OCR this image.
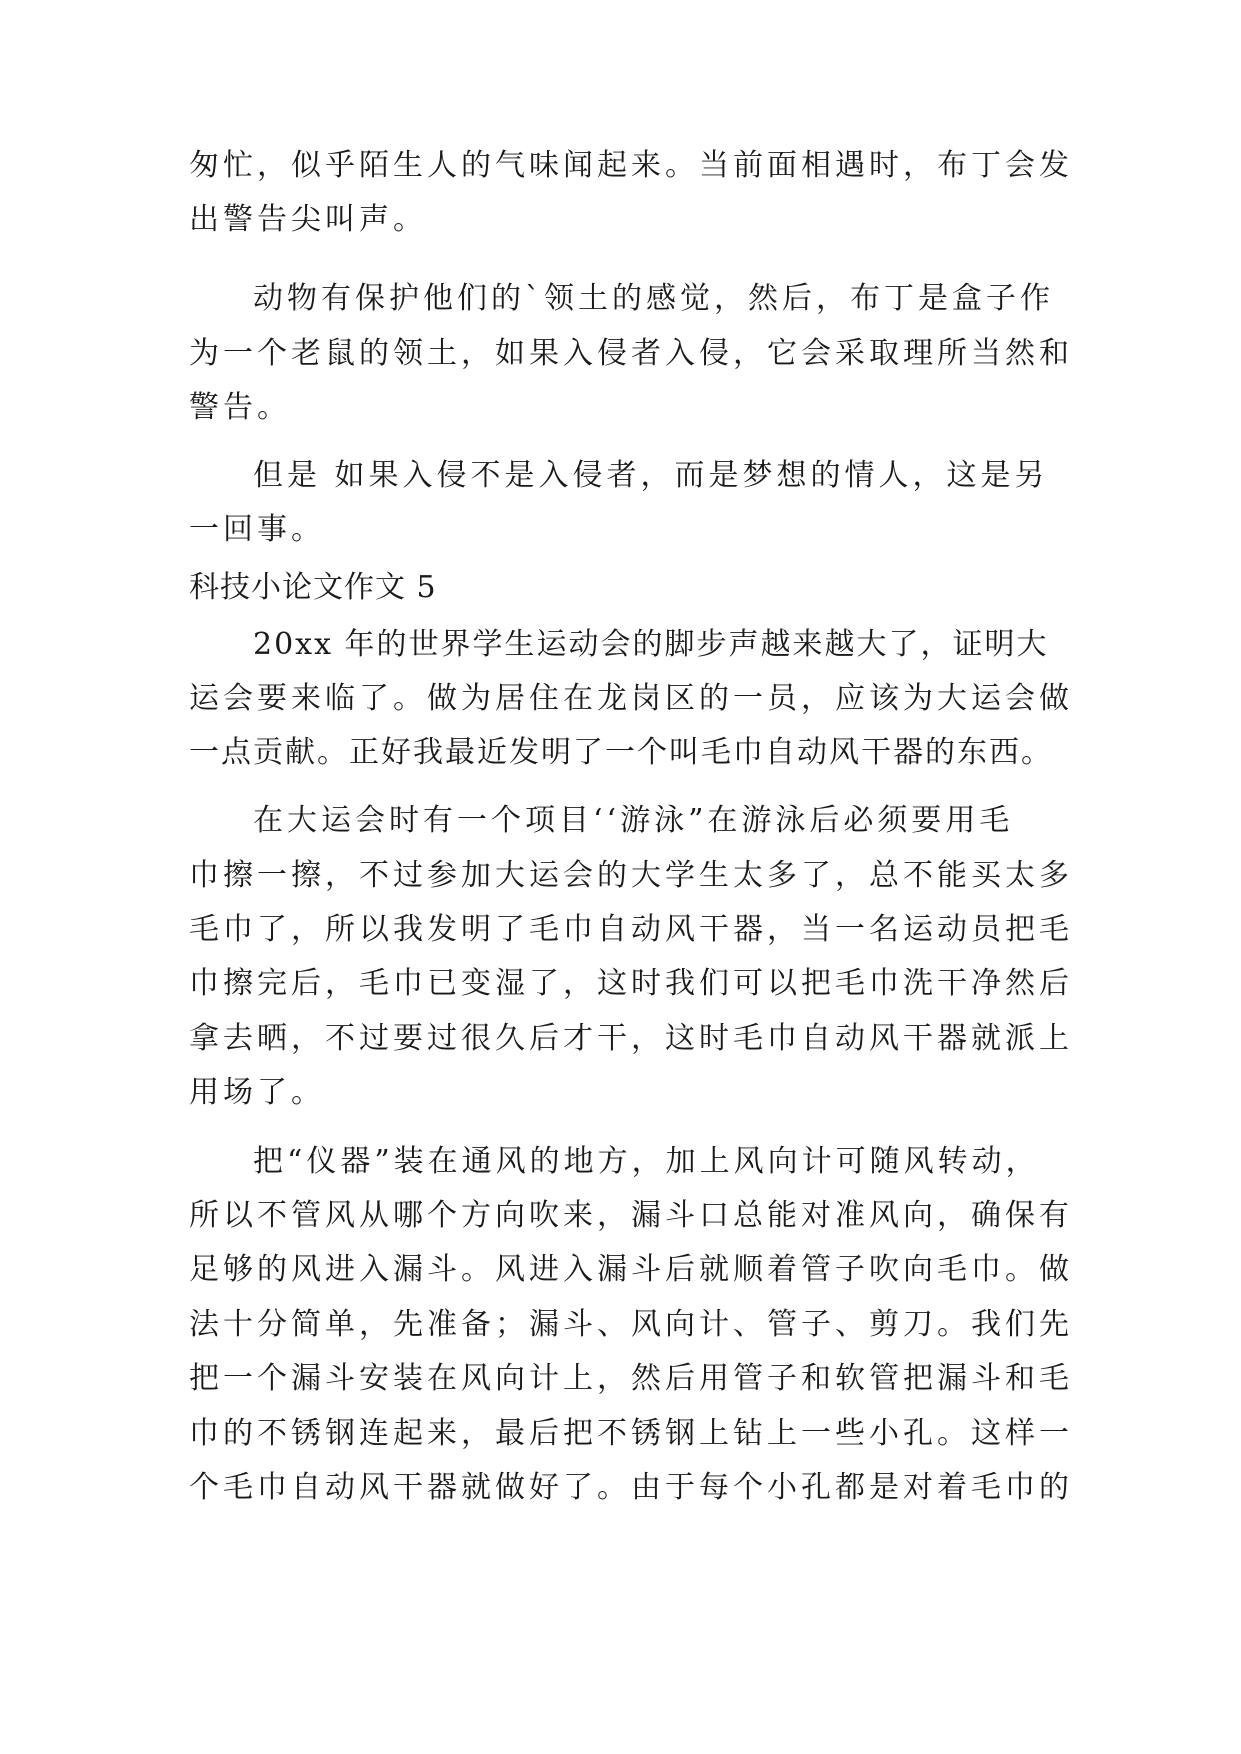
匆忙，似乎陌生人的气味闻起来。当前面相遇时，布丁会发
出警告尖叫声。
动物有保护他们的`领土的感觉，然后，布丁是盒子作
为一个老鼠的领土，如果入侵者入侵，它会采取理所当然和
警告。
但是 如果入侵不是入侵者，而是梦想的情人，这是另
一回事。
科技小论文作文 5
20xx 年的世界学生运动会的脚步声越来越大了，证明大
运会要来临了。做为居住在龙岗区的一员，应该为大运会做
一点贡献。正好我最近发明了一个叫毛巾自动风干器的东西。
在大运会时有一个项目‘‘游泳”在游泳后必须要用毛
巾擦一擦，不过参加大运会的大学生太多了，总不能买太多
毛巾了，所以我发明了毛巾自动风干器，当一名运动员把毛
巾擦完后，毛巾已变湿了，这时我们可以把毛巾洗干净然后
拿去晒，不过要过很久后才干，这时毛巾自动风干器就派上
用场了。
把“仪器”装在通风的地方，加上风向计可随风转动，
所以不管风从哪个方向吹来，漏斗口总能对准风向，确保有
足够的风进入漏斗。风进入漏斗后就顺着管子吹向毛巾。做
法十分简单，先准备；漏斗、风向计、管子、剪刀。我们先
把一个漏斗安装在风向计上，然后用管子和软管把漏斗和毛
巾的不锈钢连起来，最后把不锈钢上钻上一些小孔。这样一
个毛巾自动风干器就做好了。由于每个小孔都是对着毛巾的
